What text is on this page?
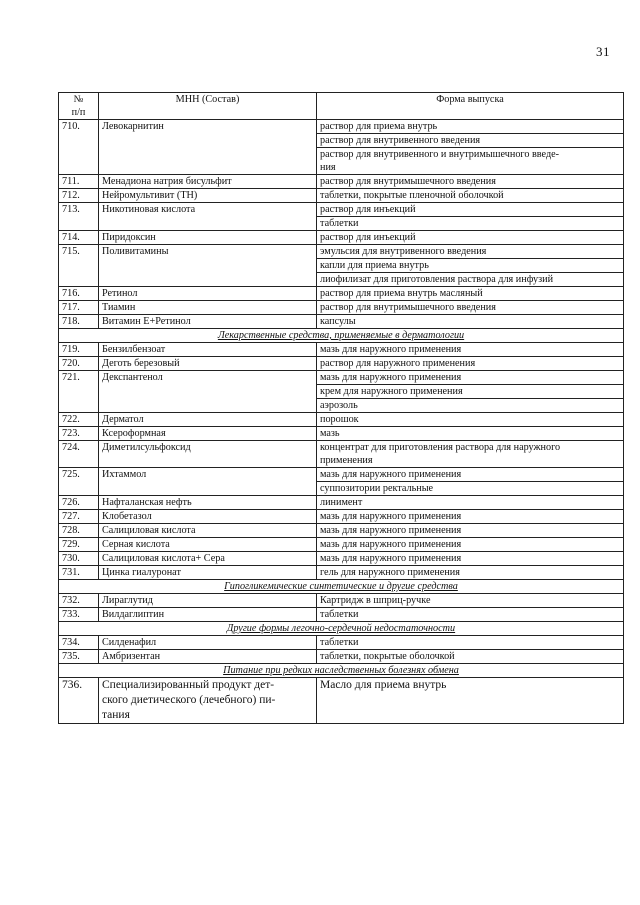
31
№
п/п	МНН (Состав)	Форма выпуска
710.	Левокарнитин	раствор для приема внутрь
		раствор для внутривенного введения
		раствор для внутривенного и внутримышечного введе-
ния
711.	Менадиона натрия бисульфит	раствор для внутримышечного введения
712.	Нейромультивит (ТН)	таблетки, покрытые пленочной оболочкой
713.	Никотиновая кислота	раствор для инъекций
		таблетки
714.	Пиридоксин	раствор для инъекций
715.	Поливитамины	эмульсия для внутривенного введения
		капли для приема внутрь
		лиофилизат для приготовления раствора для инфузий
716.	Ретинол	раствор для приема внутрь масляный
717.	Тиамин	раствор для внутримышечного введения
718.	Витамин Е+Ретинол	капсулы
Лекарственные средства, применяемые в дерматологии		
719.	Бензилбензоат	мазь для наружного применения
720.	Деготь березовый	раствор для наружного применения
721.	Декспантенол	мазь для наружного применения
		крем для наружного применения
		аэрозоль
722.	Дерматол	порошок
723.	Ксероформная	мазь
724.	Диметилсульфоксид	концентрат для приготовления раствора для наружного
применения
725.	Ихтаммол	мазь для наружного применения
		суппозитории ректальные
726.	Нафталанская нефть	линимент
727.	Клобетазол	мазь для наружного применения
728.	Салициловая кислота	мазь для наружного применения
729.	Серная кислота	мазь для наружного применения
730.	Салициловая кислота+ Сера	мазь для наружного применения
731.	Цинка гиалуронат	гель для наружного применения
Гипогликемические синтетические и другие средства		
732.	Лираглутид	Картридж в шприц-ручке
733.	Вилдаглиптин	таблетки
Другие формы легочно-сердечной недостаточности		
734.	Силденафил	таблетки
735.	Амбризентан	таблетки, покрытые оболочкой
Питание при редких наследственных болезнях обмена		
736.	Специализированный продукт дет-
ского диетического (лечебного) пи-
тания	Масло для приема внутрь
